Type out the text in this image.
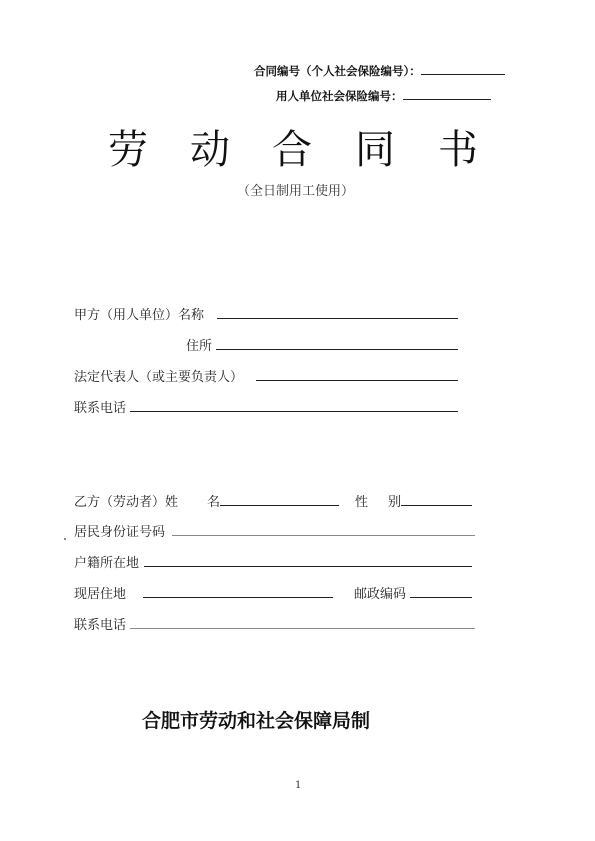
合同编号（个人社会保险编号）：
用人单位社会保险编号：
劳 动 合 同 书
（全日制用工使用）
甲方（用人单位）名称
住所
法定代表人（或主要负责人）
联系电话
乙方（劳动者）姓 名	性 别
居民身份证号码
户籍所在地
现居住地	邮政编码
联系电话
合肥市劳动和社会保障局制
1
